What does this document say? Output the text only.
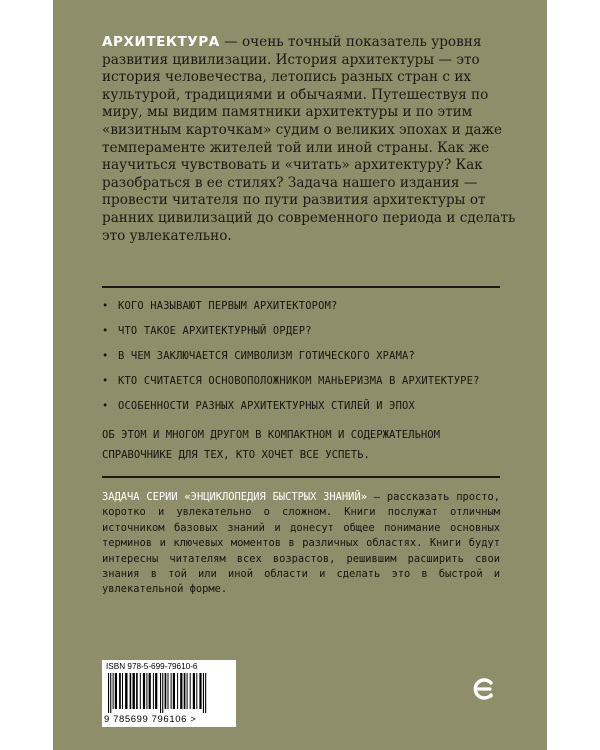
АРХИТЕКТУРА — очень точный показатель уровня развития цивилизации. История архитектуры — это история человечества, летопись разных стран с их культурой, традициями и обычаями. Путешествуя по миру, мы видим памятники архитектуры и по этим «визитным карточкам» судим о великих эпохах и даже темпераменте жителей той или иной страны. Как же научиться чувствовать и «читать» архитектуру? Как разобраться в ее стилях? Задача нашего издания — провести читателя по пути развития архитектуры от ранних цивилизаций до современного периода и сделать это увлекательно.

• КОГО НАЗЫВАЮТ ПЕРВЫМ АРХИТЕКТОРОМ?
• ЧТО ТАКОЕ АРХИТЕКТУРНЫЙ ОРДЕР?
• В ЧЕМ ЗАКЛЮЧАЕТСЯ СИМВОЛИЗМ ГОТИЧЕСКОГО ХРАМА?
• КТО СЧИТАЕТСЯ ОСНОВОПОЛОЖНИКОМ МАНЬЕРИЗМА В АРХИТЕКТУРЕ?
• ОСОБЕННОСТИ РАЗНЫХ АРХИТЕКТУРНЫХ СТИЛЕЙ И ЭПОХ

ОБ ЭТОМ И МНОГОМ ДРУГОМ В КОМПАКТНОМ И СОДЕРЖАТЕЛЬНОМ СПРАВОЧНИКЕ ДЛЯ ТЕХ, КТО ХОЧЕТ ВСЕ УСПЕТЬ.

ЗАДАЧА СЕРИИ «ЭНЦИКЛОПЕДИЯ БЫСТРЫХ ЗНАНИЙ» — рассказать просто, коротко и увлекательно о сложном. Книги послужат отличным источником базовых знаний и донесут общее понимание основных терминов и ключевых моментов в различных областях. Книги будут интересны читателям всех возрастов, решившим расширить свои знания в той или иной области и сделать это в быстрой и увлекательной форме.

ISBN 978-5-699-79610-6
9 785699 796106 >
